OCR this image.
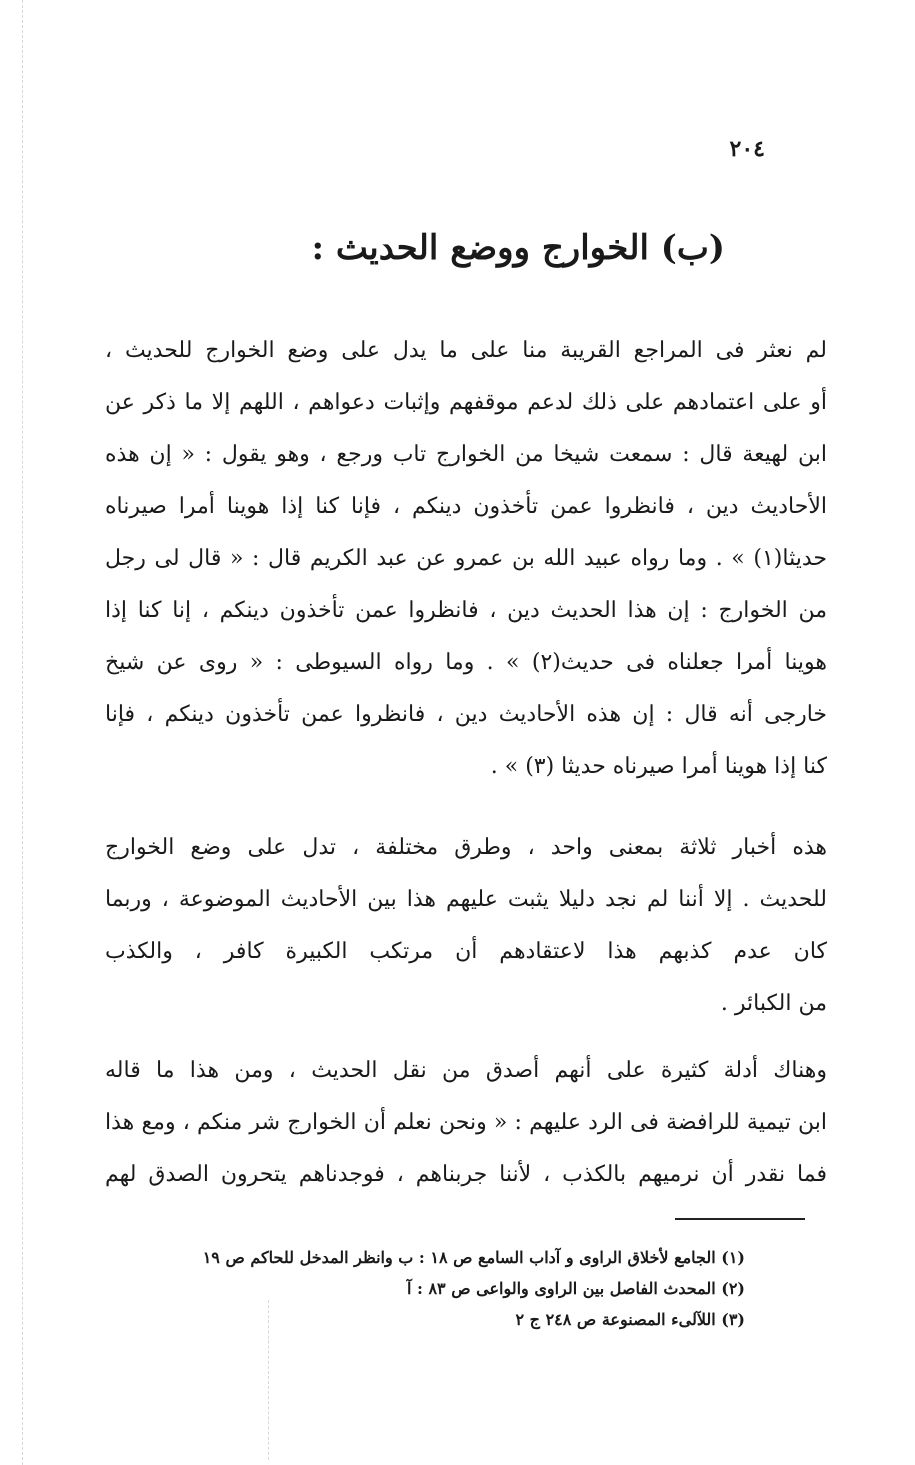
٢٠٤
(ب) الخوارج ووضع الحديث :
لم نعثر فى المراجع القريبة منا على ما يدل على وضع الخوارج للحديث ،
أو على اعتمادهم على ذلك لدعم موقفهم وإثبات دعواهم ، اللهم إلا ما ذكر عن
ابن لهيعة قال : سمعت شيخا من الخوارج تاب ورجع ، وهو يقول : « إن هذه
الأحاديث دين ، فانظروا عمن تأخذون دينكم ، فإنا كنا إذا هوينا أمرا صيرناه
حديثا(١) » . وما رواه عبيد الله بن عمرو عن عبد الكريم قال : « قال لى رجل
من الخوارج : إن هذا الحديث دين ، فانظروا عمن تأخذون دينكم ، إنا كنا إذا
هوينا أمرا جعلناه فى حديث(٢) » . وما رواه السيوطى : « روى عن شيخ
خارجى أنه قال : إن هذه الأحاديث دين ، فانظروا عمن تأخذون دينكم ، فإنا
كنا إذا هوينا أمرا صيرناه حديثا (٣) » .
هذه أخبار ثلاثة بمعنى واحد ، وطرق مختلفة ، تدل على وضع الخوارج
للحديث . إلا أننا لم نجد دليلا يثبت عليهم هذا بين الأحاديث الموضوعة ، وربما
كان عدم كذبهم هذا لاعتقادهم أن مرتكب الكبيرة كافر ، والكذب
من الكبائر .
وهناك أدلة كثيرة على أنهم أصدق من نقل الحديث ، ومن هذا ما قاله
ابن تيمية للرافضة فى الرد عليهم : « ونحن نعلم أن الخوارج شر منكم ، ومع هذا
فما نقدر أن نرميهم بالكذب ، لأننا جربناهم ، فوجدناهم يتحرون الصدق لهم
(١) الجامع لأخلاق الراوى و آداب السامع ص ١٨ : ب وانظر المدخل للحاكم ص ١٩
(٢) المحدث الفاصل بين الراوى والواعى ص ٨٣ : آ
(٣) اللآلىء المصنوعة ص ٢٤٨ ج ٢
